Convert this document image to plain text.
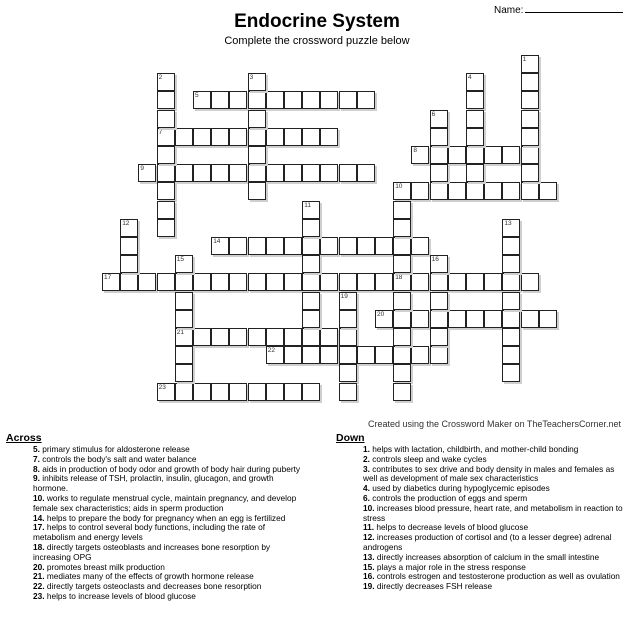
Name:
Endocrine System
Complete the crossword puzzle below
5
7
8
9
10
14
17	18
20
21
22
23
1
2	3	4
6
11
12	13
15	16
19
Created using the Crossword Maker on TheTeachersCorner.net
Across
5. primary stimulus for aldosterone release
7. controls the body's salt and water balance
8. aids in production of body odor and growth of body hair during puberty
9. inhibits release of TSH, prolactin, insulin, glucagon, and growth hormone.
10. works to regulate menstrual cycle, maintain pregnancy, and develop female sex characteristics; aids in sperm production
14. helps to prepare the body for pregnancy when an egg is fertilized
17. helps to control several body functions, including the rate of metabolism and energy levels
18. directly targets osteoblasts and increases bone resorption by increasing OPG
20. promotes breast milk production
21. mediates many of the effects of growth hormone release
22. directly targets osteoclasts and decreases bone resorption
23. helps to increase levels of blood glucose
Down
1. helps with lactation, childbirth, and mother-child bonding
2. controls sleep and wake cycles
3. contributes to sex drive and body density in males and females as well as development of male sex characteristics
4. used by diabetics during hypoglycemic episodes
6. controls the production of eggs and sperm
10. increases blood pressure, heart rate, and metabolism in reaction to stress
11. helps to decrease levels of blood glucose
12. increases production of cortisol and (to a lesser degree) adrenal androgens
13. directly increases absorption of calcium in the small intestine
15. plays a major role in the stress response
16. controls estrogen and testosterone production as well as ovulation
19. directly decreases FSH release
